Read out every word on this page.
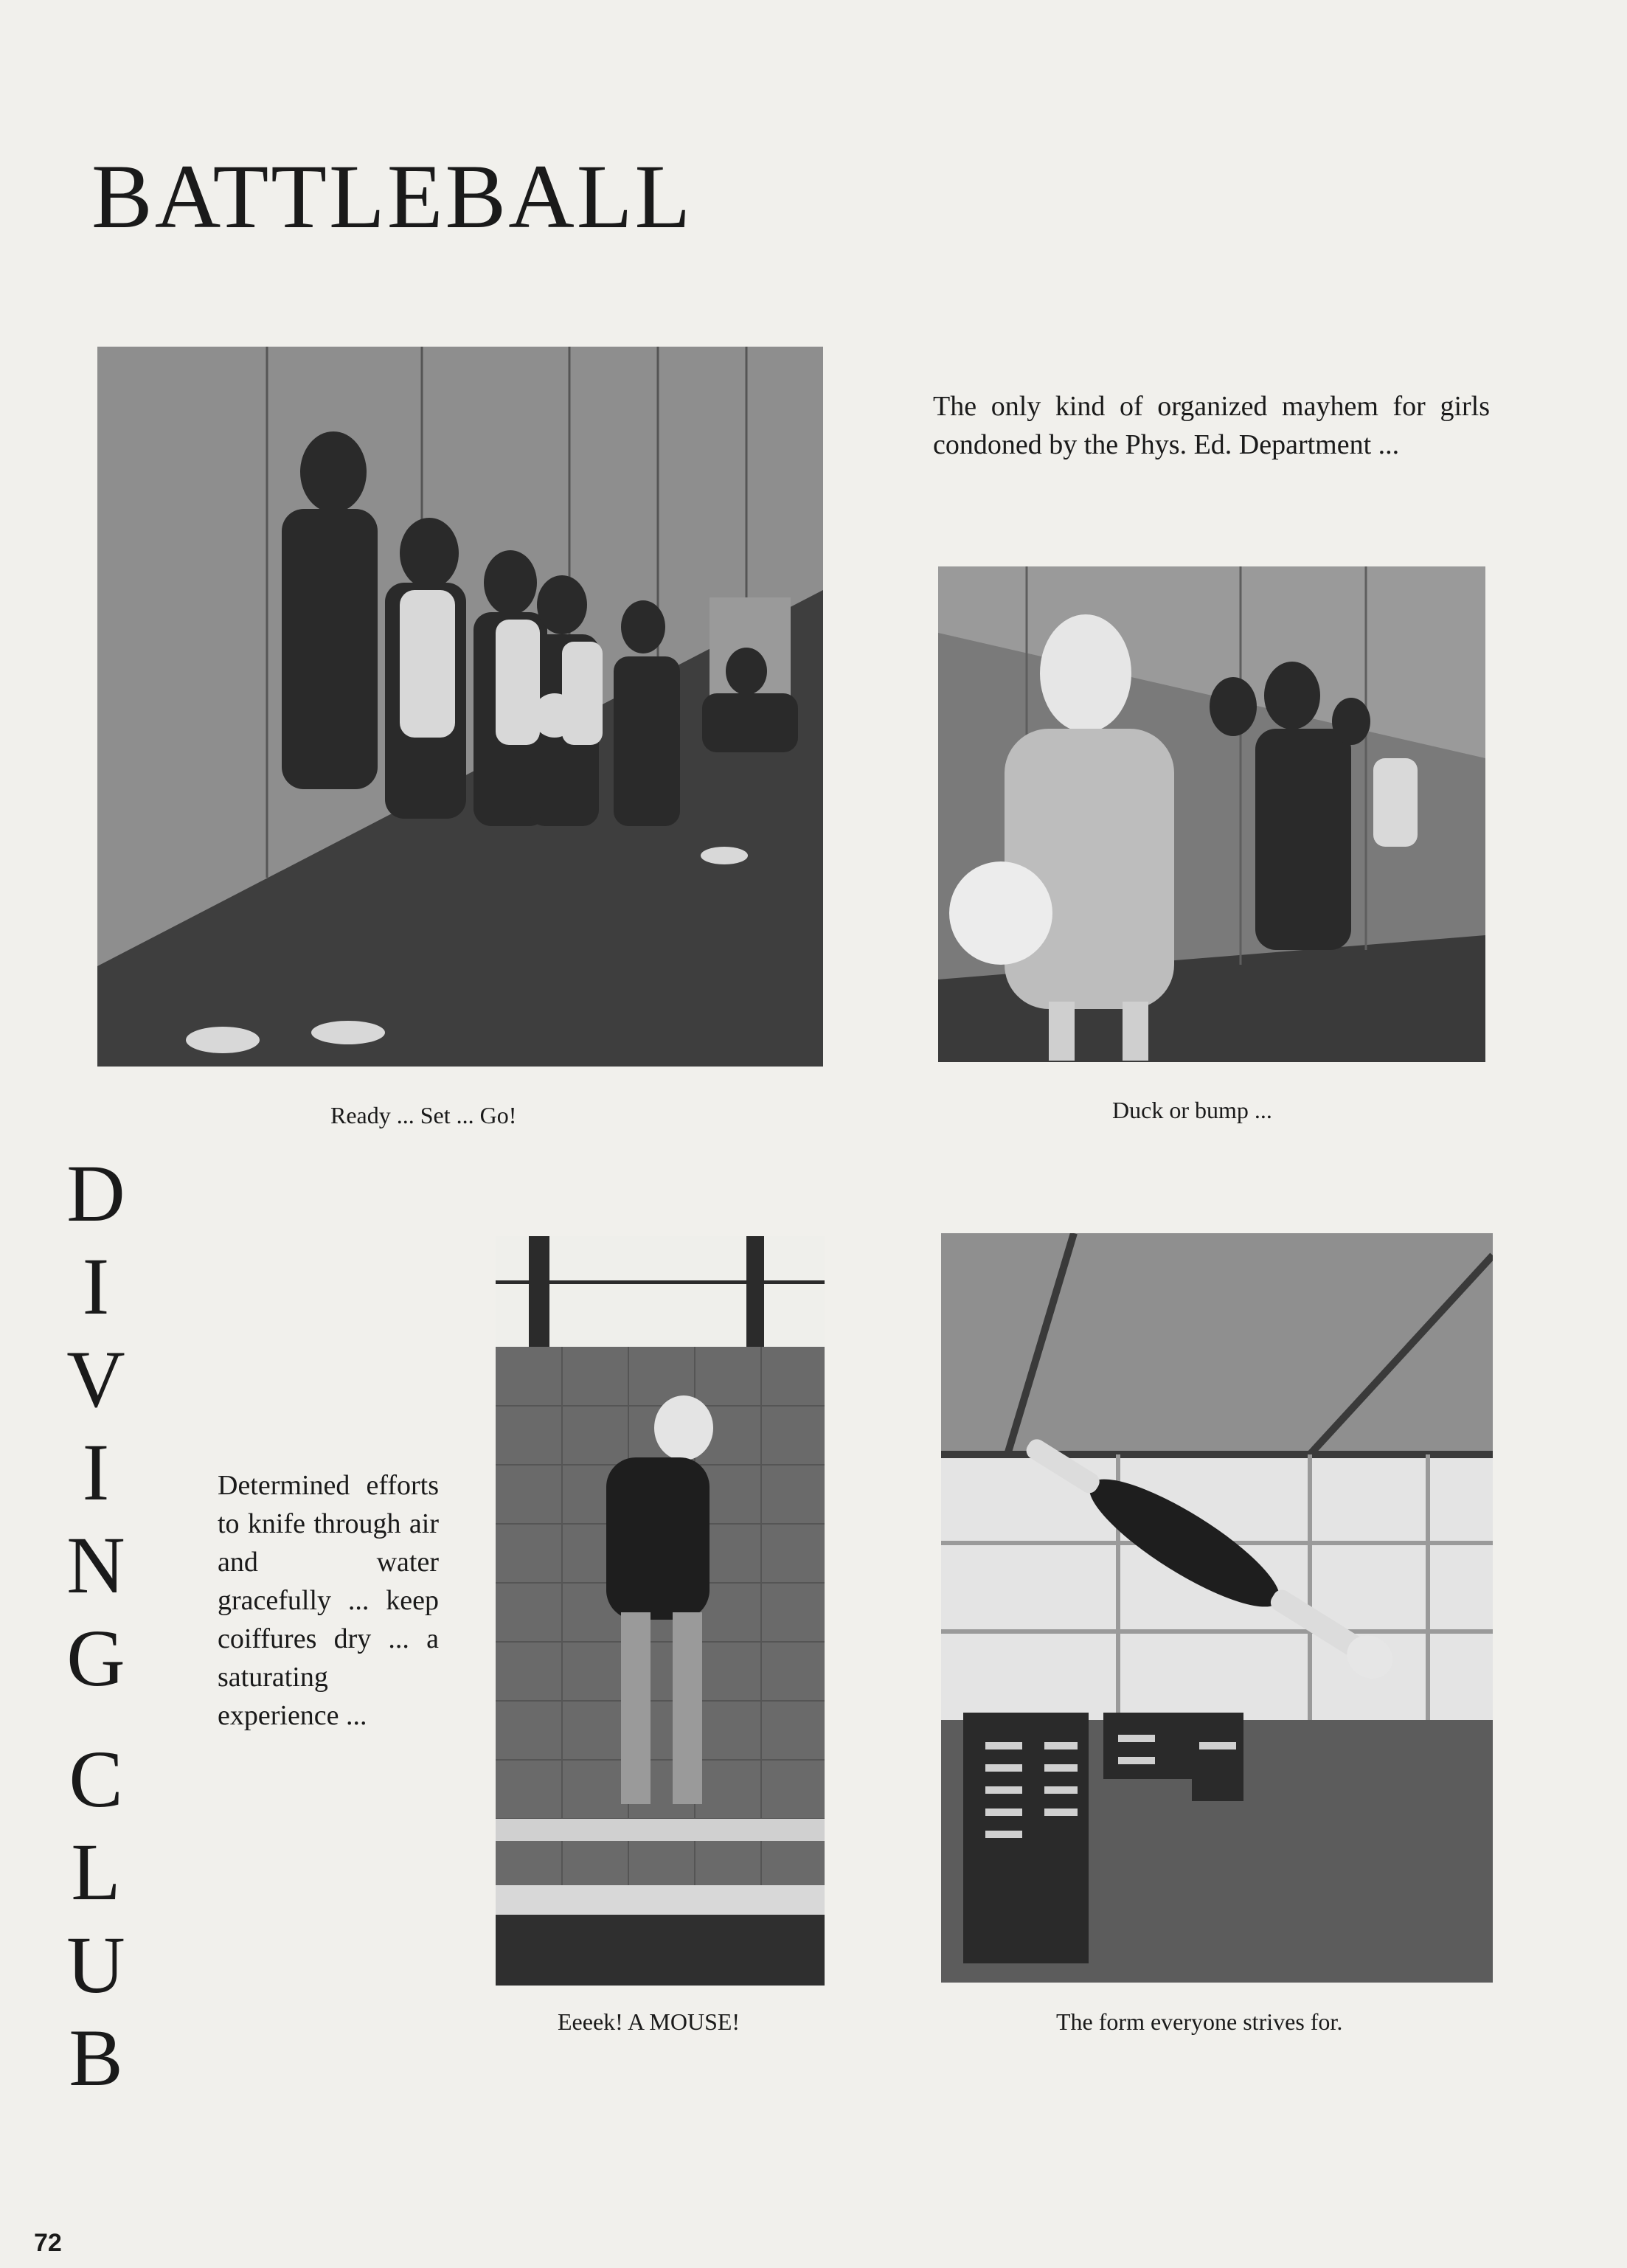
BATTLEBALL
The only kind of organized mayhem for girls condoned by the Phys. Ed. Department ...
Ready ... Set ... Go!	Duck or bump ...
D
I
V
I
N
G
C
L
U
B
Determined efforts to knife through air and water gracefully ... keep coiffures dry ... a saturating experience ...
Eeeek! A MOUSE!	The form everyone strives for.
72
